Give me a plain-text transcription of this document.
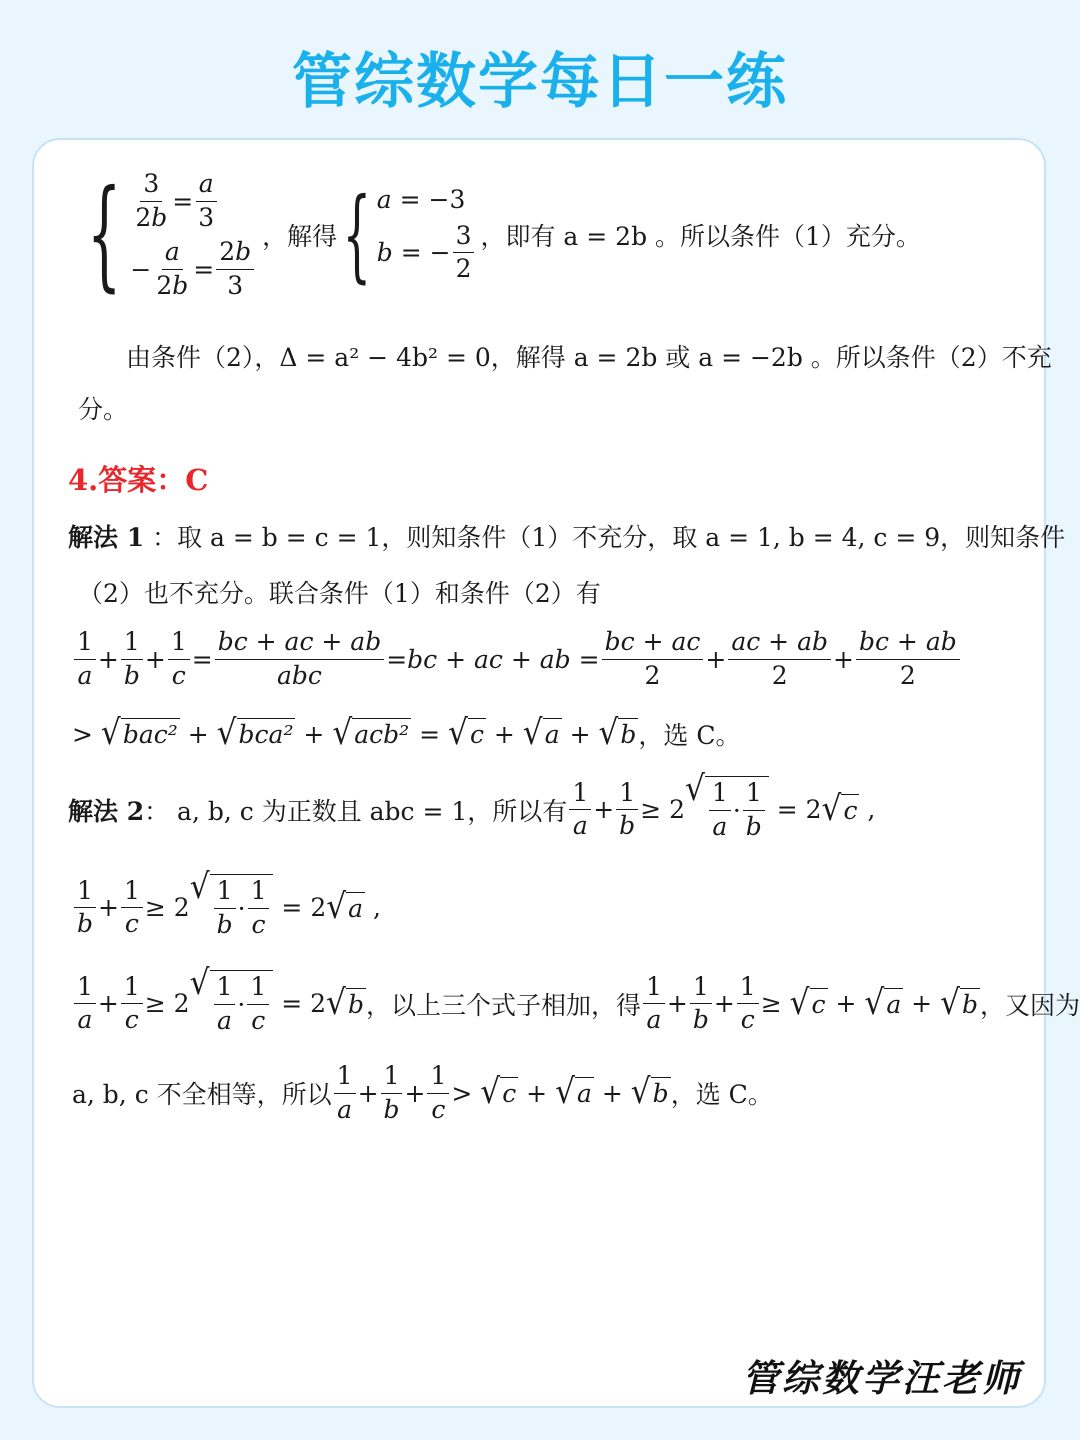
管综数学每日一练
{ $\frac{3}{2b} = \frac{a}{3}$
− $\frac{a}{2b} = \frac{2b}{3}$ ，解得 { a = −3
b = − $\frac{3}{2}$ ，即有 a = 2b 。所以条件（1）充分。
由条件（2），Δ = a² − 4b² = 0，解得 a = 2b 或 a = −2b 。所以条件（2）不充
分。
4.答案：C
解法 1 ：取 a = b = c = 1，则知条件（1）不充分，取 a = 1, b = 4, c = 9，则知条件
（2）也不充分。联合条件（1）和条件（2）有
$\frac{1}{a} + \frac{1}{b} + \frac{1}{c} = \frac{bc + ac + ab}{\text{abc}}$ = bc + ac + ab = $\frac{bc + ac}{2} + \frac{ac + ab}{2} + \frac{bc + ab}{2}$
> √ bac² + √ bca² + √ acb² = √ c + √ a + √ b ，选 C。
解法 2 ： a, b, c 为正数且 abc = 1，所以有 $\frac{1}{a} + \frac{1}{b} \ge 2$
√ $\frac{1}{a} \cdot \frac{1}{b} = 2$ √ c ,
$\frac{1}{b} + \frac{1}{c} \ge 2$
√ $\frac{1}{b} \cdot \frac{1}{c} = 2$ √ a ,
$\frac{1}{a} + \frac{1}{c} \ge 2$
√ $\frac{1}{a} \cdot \frac{1}{c} = 2$ √ b ，以上三个式子相加，得 $\frac{1}{a} + \frac{1}{b} + \frac{1}{c}$ ≥ √ c + √ a + √ b ，又因为
a, b, c 不全相等，所以 $\frac{1}{a} + \frac{1}{b} + \frac{1}{c}$ > √ c + √ a + √ b ，选 C。
管综数学汪老师
